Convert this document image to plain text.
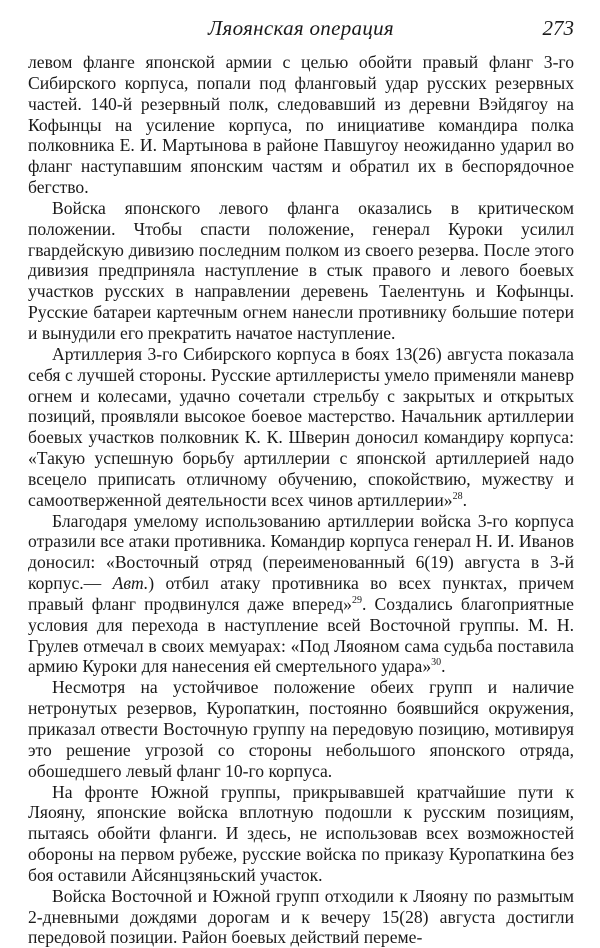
Ляоянская операция	273

левом фланге японской армии с целью обойти правый фланг 3-го Сибирского корпуса, попали под фланговый удар русских резервных частей. 140-й резервный полк, следовавший из деревни Вэйдягоу на Кофынцы на усиление корпуса, по инициативе командира полка полковника Е. И. Мартынова в районе Павшугоу неожиданно ударил во фланг наступавшим японским частям и обратил их в беспорядочное бегство.

Войска японского левого фланга оказались в критическом положении. Чтобы спасти положение, генерал Куроки усилил гвардейскую дивизию последним полком из своего резерва. После этого дивизия предприняла наступление в стык правого и левого боевых участков русских в направлении деревень Таелентунь и Кофынцы. Русские батареи картечным огнем нанесли противнику большие потери и вынудили его прекратить начатое наступление.

Артиллерия 3-го Сибирского корпуса в боях 13(26) августа показала себя с лучшей стороны. Русские артиллеристы умело применяли маневр огнем и колесами, удачно сочетали стрельбу с закрытых и открытых позиций, проявляли высокое боевое мастерство. Начальник артиллерии боевых участков полковник К. К. Шверин доносил командиру корпуса: «Такую успешную борьбу артиллерии с японской артиллерией надо всецело приписать отличному обучению, спокойствию, мужеству и самоотверженной деятельности всех чинов артиллерии»$^{28}$.

Благодаря умелому использованию артиллерии войска 3-го корпуса отразили все атаки противника. Командир корпуса генерал Н. И. Иванов доносил: «Восточный отряд (переименованный 6(19) августа в 3-й корпус.— Авт.) отбил атаку противника во всех пунктах, причем правый фланг продвинулся даже вперед»$^{29}$. Создались благоприятные условия для перехода в наступление всей Восточной группы. М. Н. Грулев отмечал в своих мемуарах: «Под Ляояном сама судьба поставила армию Куроки для нанесения ей смертельного удара»$^{30}$.

Несмотря на устойчивое положение обеих групп и наличие нетронутых резервов, Куропаткин, постоянно боявшийся окружения, приказал отвести Восточную группу на передовую позицию, мотивируя это решение угрозой со стороны небольшого японского отряда, обошедшего левый фланг 10-го корпуса.

На фронте Южной группы, прикрывавшей кратчайшие пути к Ляояну, японские войска вплотную подошли к русским позициям, пытаясь обойти фланги. И здесь, не использовав всех возможностей обороны на первом рубеже, русские войска по приказу Куропаткина без боя оставили Айсянцзяньский участок.

Войска Восточной и Южной групп отходили к Ляояну по размытым 2-дневными дождями дорогам и к вечеру 15(28) августа достигли передовой позиции. Район боевых действий переме-
